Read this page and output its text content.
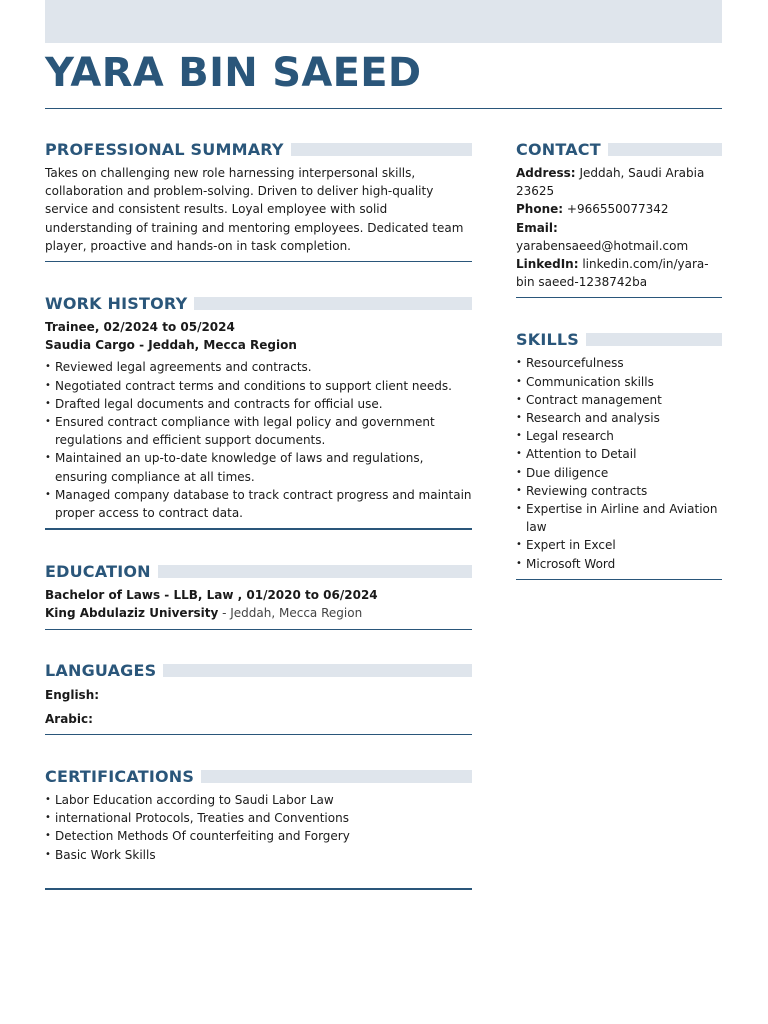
YARA BIN SAEED
PROFESSIONAL SUMMARY

Takes on challenging new role harnessing interpersonal skills, collaboration and problem-solving. Driven to deliver high-quality service and consistent results. Loyal employee with solid understanding of training and mentoring employees. Dedicated team player, proactive and hands-on in task completion.

WORK HISTORY
Trainee, 02/2024 to 05/2024
Saudia Cargo - Jeddah, Mecca Region
• Reviewed legal agreements and contracts.
• Negotiated contract terms and conditions to support client needs.
• Drafted legal documents and contracts for official use.
• Ensured contract compliance with legal policy and government regulations and efficient support documents.
• Maintained an up-to-date knowledge of laws and regulations, ensuring compliance at all times.
• Managed company database to track contract progress and maintain proper access to contract data.
EDUCATION
Bachelor of Laws - LLB, Law , 01/2020 to 06/2024
King Abdulaziz University - Jeddah, Mecca Region
LANGUAGES
English:
Arabic:
CERTIFICATIONS
• Labor Education according to Saudi Labor Law
• international Protocols, Treaties and Conventions
• Detection Methods Of counterfeiting and Forgery
• Basic Work Skills
CONTACT
Address: Jeddah, Saudi Arabia 23625
Phone: +966550077342
Email: yarabensaeed@hotmail.com
LinkedIn: linkedin.com/in/yara-bin saeed-1238742ba
SKILLS
• Resourcefulness
• Communication skills
• Contract management
• Research and analysis
• Legal research
• Attention to Detail
• Due diligence
• Reviewing contracts
• Expertise in Airline and Aviation law
• Expert in Excel
• Microsoft Word
